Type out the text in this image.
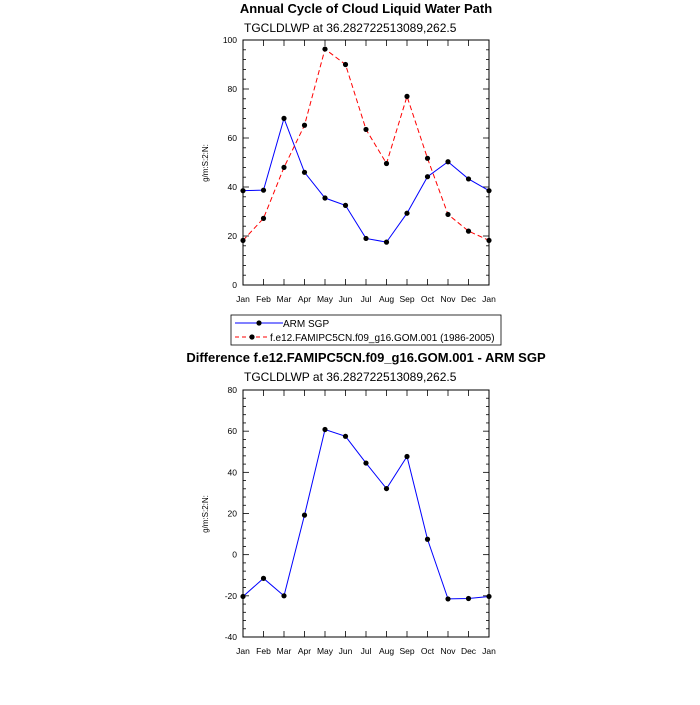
Annual Cycle of Cloud Liquid Water Path
TGCLDLWP at 36.282722513089,262.5
g/m:S:2:N:
0
20
40
60
80
100
Jan Feb Mar Apr May Jun Jul Aug Sep Oct Nov Dec Jan
ARM SGP
f.e12.FAMIPC5CN.f09_g16.GOM.001 (1986-2005)
Difference f.e12.FAMIPC5CN.f09_g16.GOM.001 - ARM SGP
TGCLDLWP at 36.282722513089,262.5
g/m:S:2:N:
-40
-20
0
20
40
60
80
Jan Feb Mar Apr May Jun Jul Aug Sep Oct Nov Dec Jan
